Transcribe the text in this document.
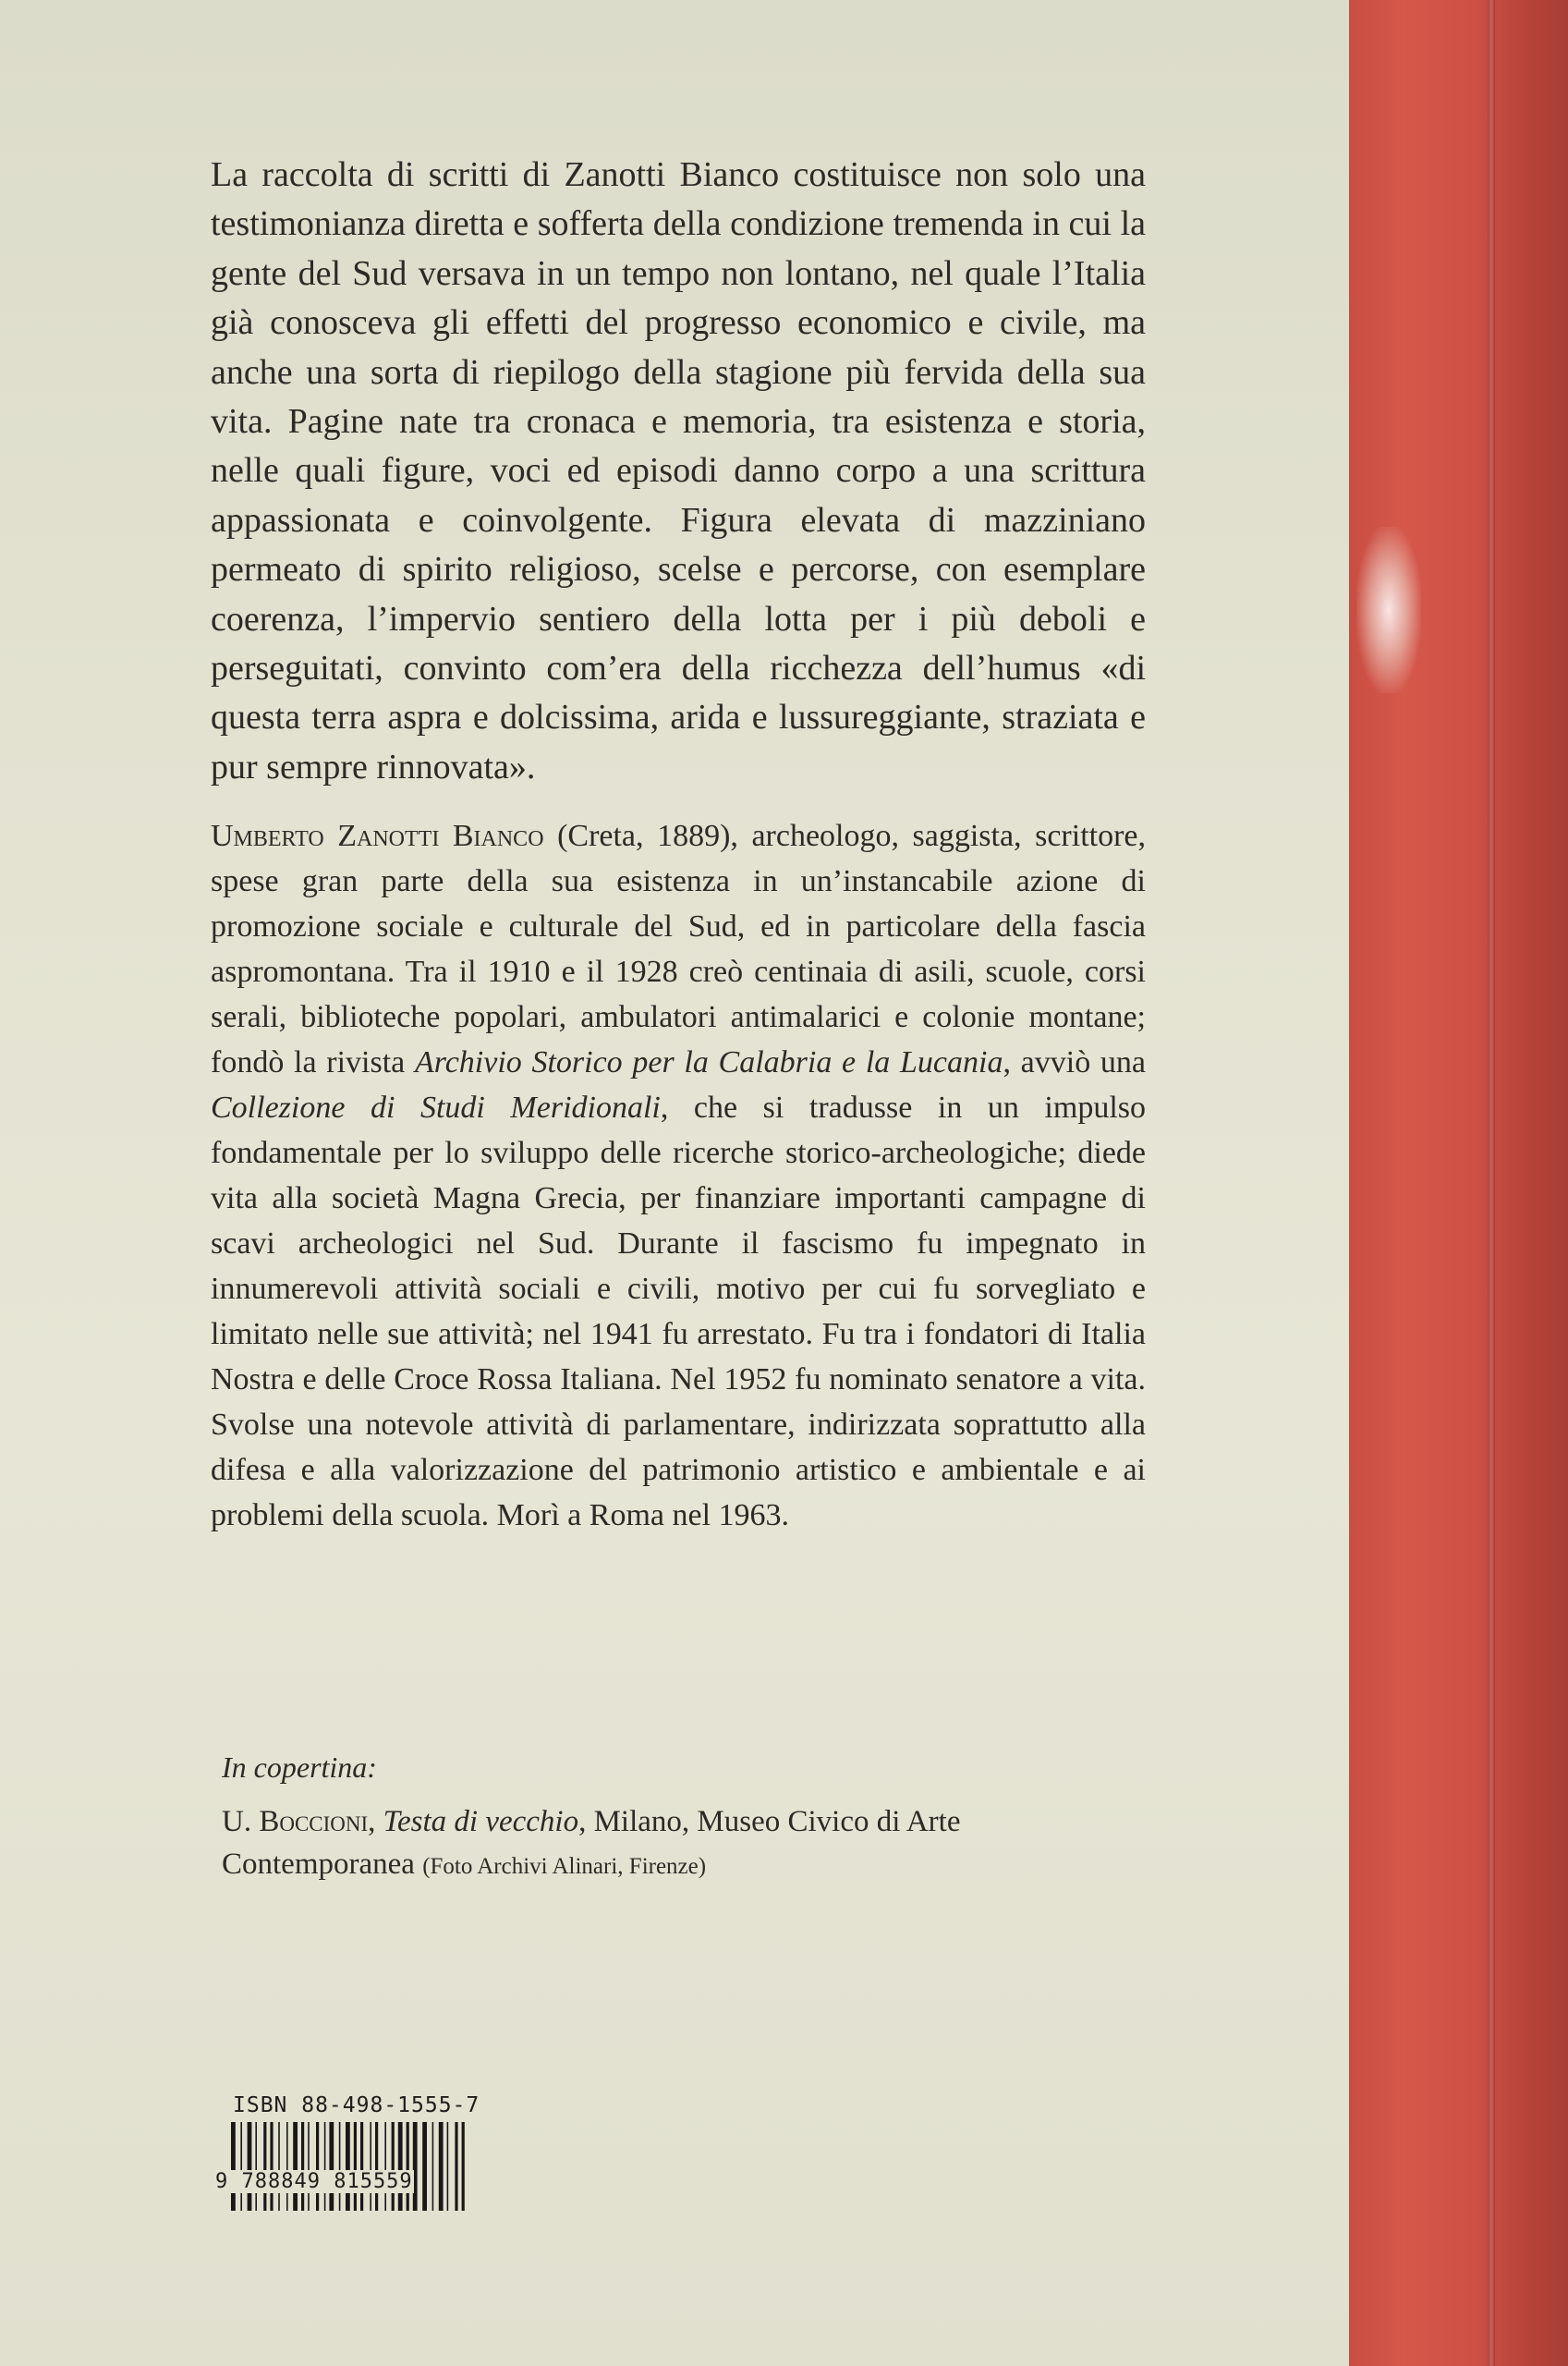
La raccolta di scritti di Zanotti Bianco costituisce non solo una testimonianza diretta e sofferta della condizione tremenda in cui la gente del Sud versava in un tempo non lontano, nel quale l’Italia già conosceva gli effetti del progresso economico e civile, ma anche una sorta di riepilogo della stagione più fervida della sua vita. Pagine nate tra cronaca e memoria, tra esistenza e storia, nelle quali figure, voci ed episodi danno corpo a una scrittura appassionata e coinvolgente. Figura elevata di mazziniano permeato di spirito religioso, scelse e percorse, con esemplare coerenza, l’impervio sentiero della lotta per i più deboli e perseguitati, convinto com’era della ricchezza dell’humus «di questa terra aspra e dolcissima, arida e lussureggiante, straziata e pur sempre rinnovata».

Umberto Zanotti Bianco (Creta, 1889), archeologo, saggista, scrittore, spese gran parte della sua esistenza in un’instancabile azione di promozione sociale e culturale del Sud, ed in particolare della fascia aspromontana. Tra il 1910 e il 1928 creò centinaia di asili, scuole, corsi serali, biblioteche popolari, ambulatori antimalarici e colonie montane; fondò la rivista Archivio Storico per la Calabria e la Lucania, avviò una Collezione di Studi Meridionali, che si tradusse in un impulso fondamentale per lo sviluppo delle ricerche storico-archeologiche; diede vita alla società Magna Grecia, per finanziare importanti campagne di scavi archeologici nel Sud. Durante il fascismo fu impegnato in innumerevoli attività sociali e civili, motivo per cui fu sorvegliato e limitato nelle sue attività; nel 1941 fu arrestato. Fu tra i fondatori di Italia Nostra e delle Croce Rossa Italiana. Nel 1952 fu nominato senatore a vita. Svolse una notevole attività di parlamentare, indirizzata soprattutto alla difesa e alla valorizzazione del patrimonio artistico e ambientale e ai problemi della scuola. Morì a Roma nel 1963.

In copertina:
U. Boccioni, Testa di vecchio, Milano, Museo Civico di Arte Contemporanea (Foto Archivi Alinari, Firenze)
ISBN 88-498-1555-7
9 788849 815559
